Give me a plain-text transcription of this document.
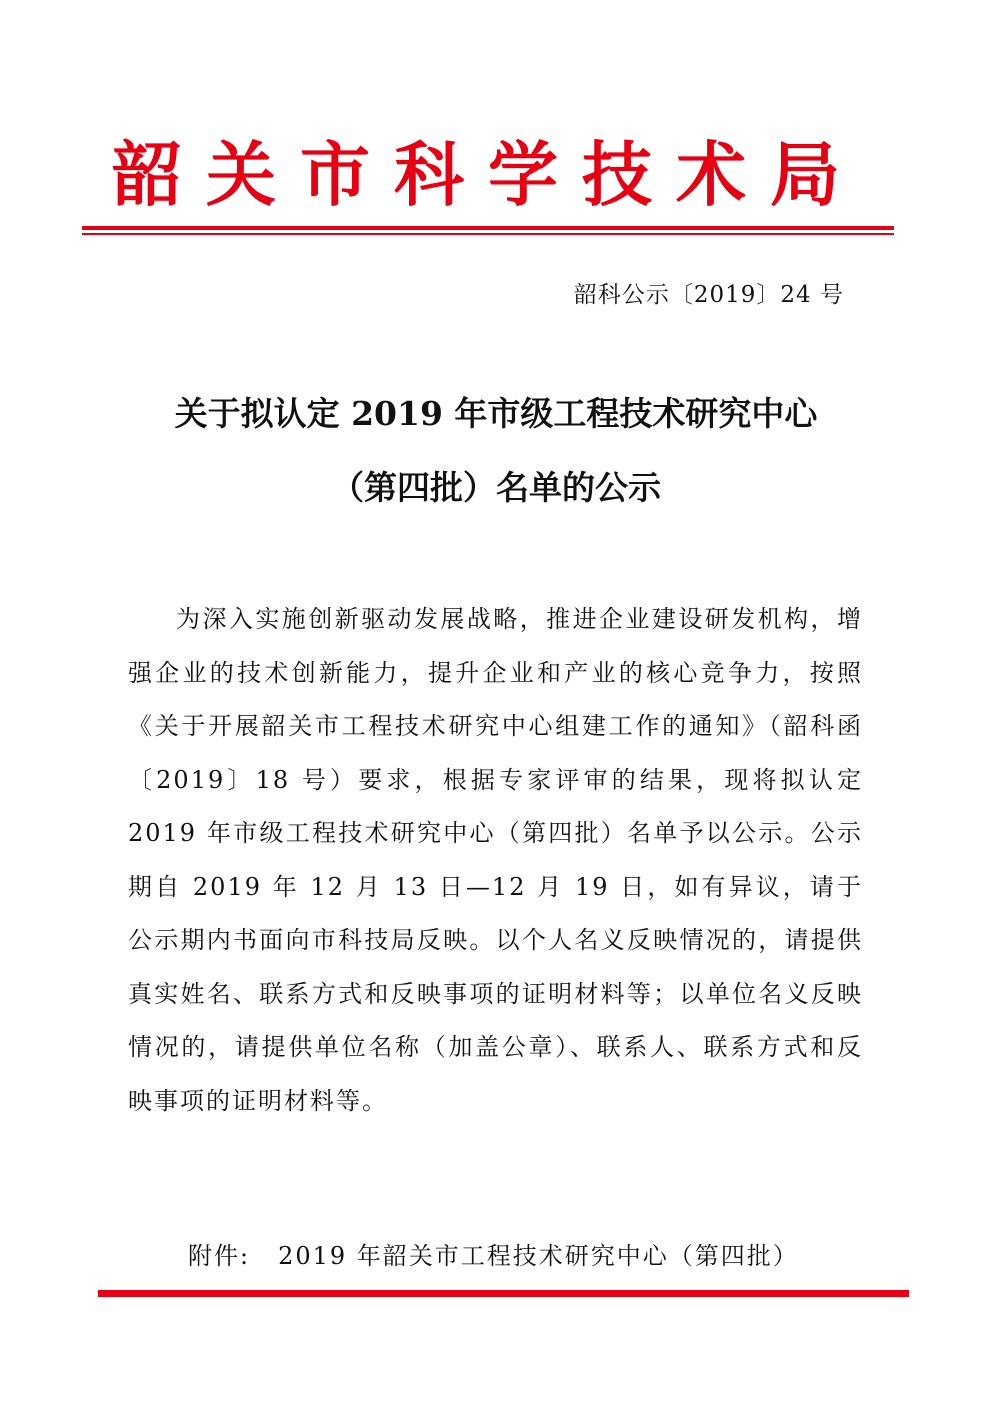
韶关市科学技术局
韶科公示〔2019〕24 号
关于拟认定 2019 年市级工程技术研究中心
（第四批）名单的公示

为深入实施创新驱动发展战略，推进企业建设研发机构，增强企业的技术创新能力，提升企业和产业的核心竞争力，按照《关于开展韶关市工程技术研究中心组建工作的通知》（韶科函〔2019〕18 号）要求，根据专家评审的结果，现将拟认定 2019 年市级工程技术研究中心（第四批）名单予以公示。公示期自 2019 年 12 月 13 日—12 月 19 日，如有异议，请于公示期内书面向市科技局反映。以个人名义反映情况的，请提供真实姓名、联系方式和反映事项的证明材料等；以单位名义反映情况的，请提供单位名称（加盖公章）、联系人、联系方式和反映事项的证明材料等。

附件: 2019 年韶关市工程技术研究中心（第四批）
